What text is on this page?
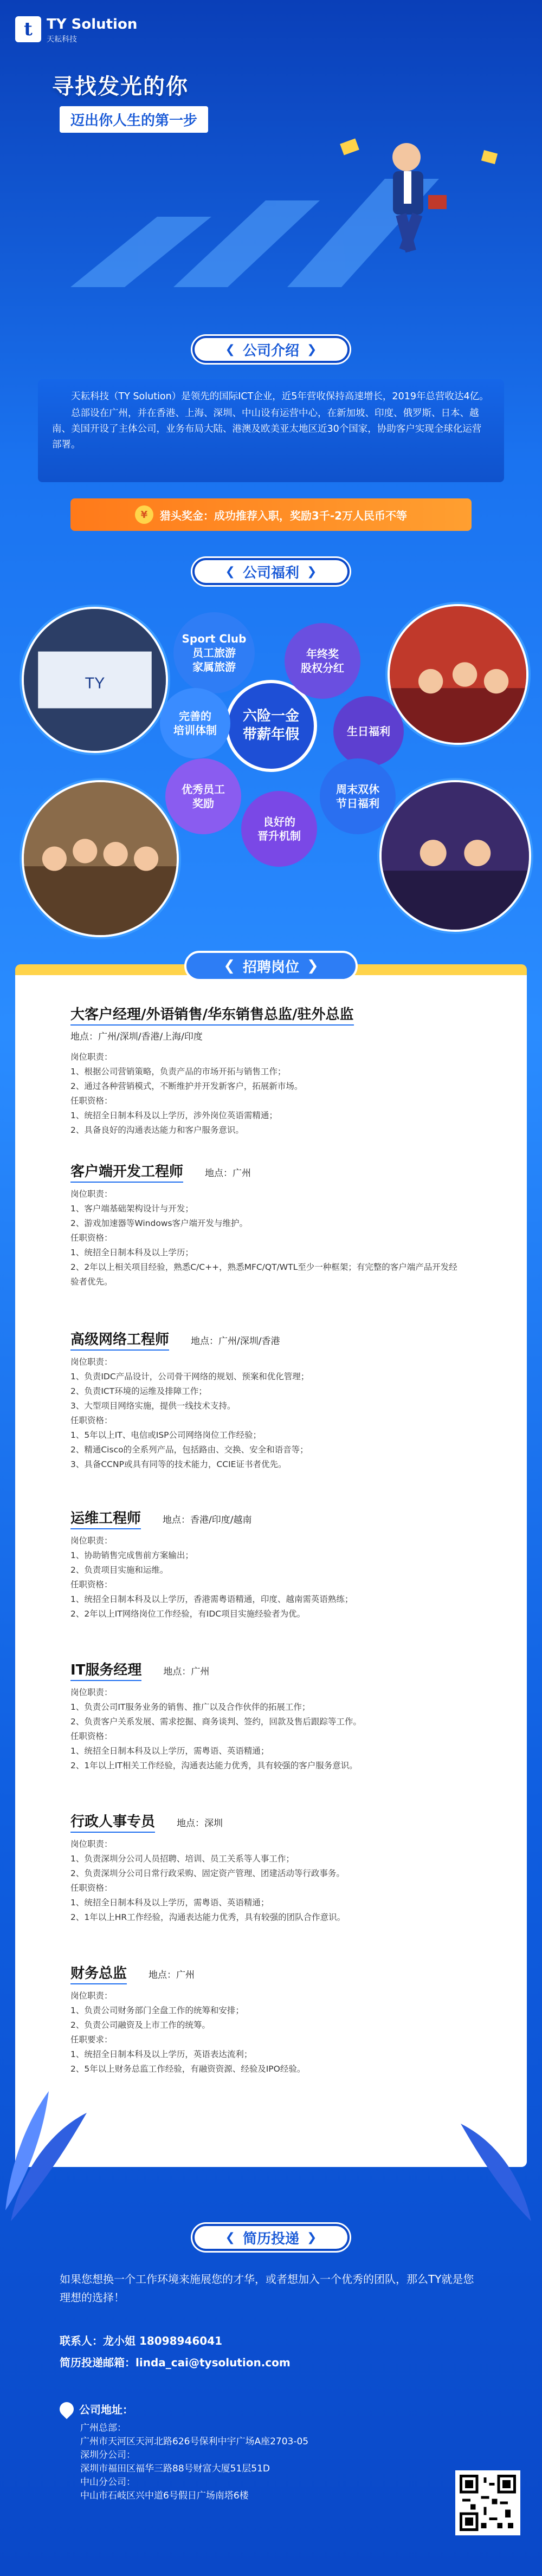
t	TY Solution
天耘科技
寻找发光的你
迈出你人生的第一步
❮ 公司介绍 ❯

天耘科技（TY Solution）是领先的国际ICT企业，近5年营收保持高速增长，2019年总营收达4亿。

总部设在广州，并在香港、上海、深圳、中山设有运营中心，在新加坡、印度、俄罗斯、日本、越南、美国开设了主体公司，业务布局大陆、港澳及欧美亚太地区近30个国家，协助客户实现全球化运营部署。

¥	猎头奖金：成功推荐入职，奖励3千-2万人民币不等
❮ 公司福利 ❯
TY
六险一金
带薪年假
Sport Club
员工旅游
家属旅游
年终奖
股权分红
完善的
培训体制	生日福利
优秀员工
奖励
周末双休
节日福利
良好的
晋升机制
❮ 招聘岗位 ❯
大客户经理/外语销售/华东销售总监/驻外总监
地点：广州/深圳/香港/上海/印度
岗位职责：
1、根据公司营销策略，负责产品的市场开拓与销售工作；
2、通过各种营销模式，不断维护并开发新客户，拓展新市场。
任职资格：
1、统招全日制本科及以上学历，涉外岗位英语需精通；
2、具备良好的沟通表达能力和客户服务意识。
客户端开发工程师 地点：广州
岗位职责：
1、客户端基础架构设计与开发；
2、游戏加速器等Windows客户端开发与维护。
任职资格：
1、统招全日制本科及以上学历；
2、2年以上相关项目经验，熟悉C/C++，熟悉MFC/QT/WTL至少一种框架；有完整的客户端产品开发经验者优先。
高级网络工程师 地点：广州/深圳/香港
岗位职责：
1、负责IDC产品设计，公司骨干网络的规划、预案和优化管理；
2、负责ICT环境的运维及排障工作；
3、大型项目网络实施，提供一线技术支持。
任职资格：
1、5年以上IT、电信或ISP公司网络岗位工作经验；
2、精通Cisco的全系列产品，包括路由、交换、安全和语音等；
3、具备CCNP或具有同等的技术能力，CCIE证书者优先。
运维工程师 地点：香港/印度/越南
岗位职责：
1、协助销售完成售前方案输出；
2、负责项目实施和运维。
任职资格：
1、统招全日制本科及以上学历，香港需粤语精通，印度、越南需英语熟练；
2、2年以上IT网络岗位工作经验，有IDC项目实施经验者为优。
IT服务经理 地点：广州
岗位职责：
1、负责公司IT服务业务的销售、推广以及合作伙伴的拓展工作；
2、负责客户关系发展、需求挖掘、商务谈判、签约，回款及售后跟踪等工作。
任职资格：
1、统招全日制本科及以上学历，需粤语、英语精通；
2、1年以上IT相关工作经验，沟通表达能力优秀，具有较强的客户服务意识。
行政人事专员 地点：深圳
岗位职责：
1、负责深圳分公司人员招聘、培训、员工关系等人事工作；
2、负责深圳分公司日常行政采购、固定资产管理、团建活动等行政事务。
任职资格：
1、统招全日制本科及以上学历，需粤语、英语精通；
2、1年以上HR工作经验，沟通表达能力优秀，具有较强的团队合作意识。
财务总监 地点：广州
岗位职责：
1、负责公司财务部门全盘工作的统筹和安排；
2、负责公司融资及上市工作的统筹。
任职要求：
1、统招全日制本科及以上学历，英语表达流利；
2、5年以上财务总监工作经验，有融资资源、经验及IPO经验。
❮ 简历投递 ❯
如果您想换一个工作环境来施展您的才华，或者想加入一个优秀的团队，那么TY就是您理想的选择！
联系人：龙小姐 18098946041
简历投递邮箱：linda_cai@tysolution.com
公司地址：
广州总部：
广州市天河区天河北路626号保利中宇广场A座2703-05
深圳分公司：
深圳市福田区福华三路88号财富大厦51层51D
中山分公司：
中山市石岐区兴中道6号假日广场南塔6楼
